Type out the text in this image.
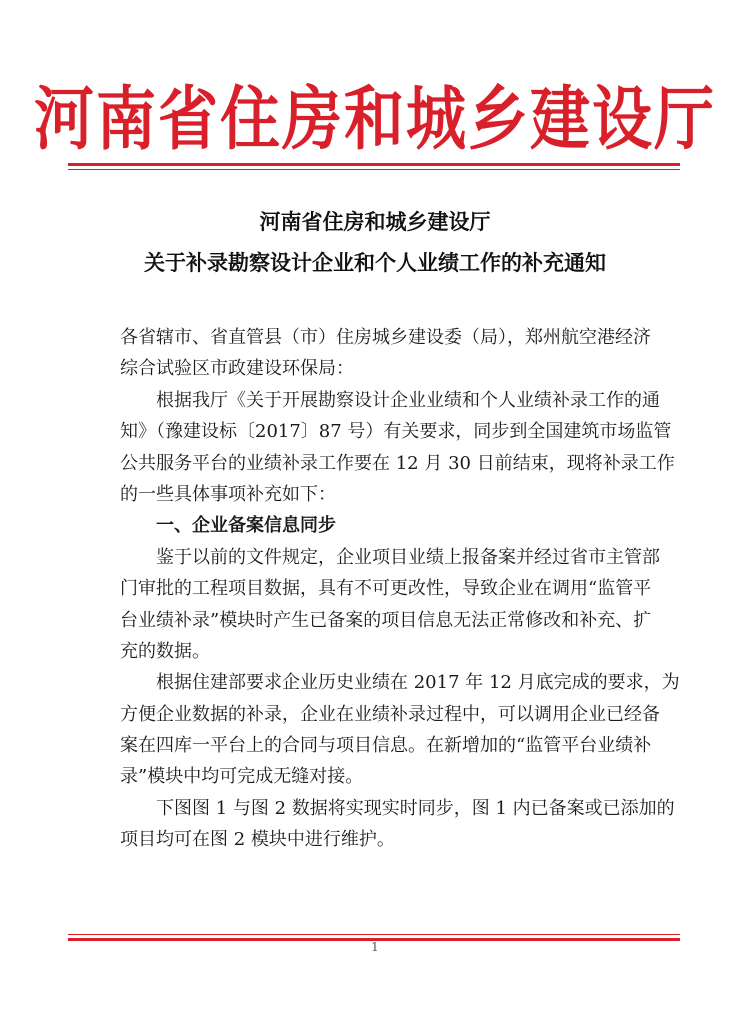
河南省住房和城乡建设厅
河南省住房和城乡建设厅
关于补录勘察设计企业和个人业绩工作的补充通知
各省辖市、省直管县（市）住房城乡建设委（局），郑州航空港经济
综合试验区市政建设环保局：
根据我厅《关于开展勘察设计企业业绩和个人业绩补录工作的通
知》（豫建设标〔2017〕87 号）有关要求，同步到全国建筑市场监管
公共服务平台的业绩补录工作要在 12 月 30 日前结束，现将补录工作
的一些具体事项补充如下：
一、企业备案信息同步
鉴于以前的文件规定，企业项目业绩上报备案并经过省市主管部
门审批的工程项目数据，具有不可更改性，导致企业在调用“监管平
台业绩补录”模块时产生已备案的项目信息无法正常修改和补充、扩
充的数据。
根据住建部要求企业历史业绩在 2017 年 12 月底完成的要求，为
方便企业数据的补录，企业在业绩补录过程中，可以调用企业已经备
案在四库一平台上的合同与项目信息。在新增加的“监管平台业绩补
录”模块中均可完成无缝对接。
下图图 1 与图 2 数据将实现实时同步，图 1 内已备案或已添加的
项目均可在图 2 模块中进行维护。
1
